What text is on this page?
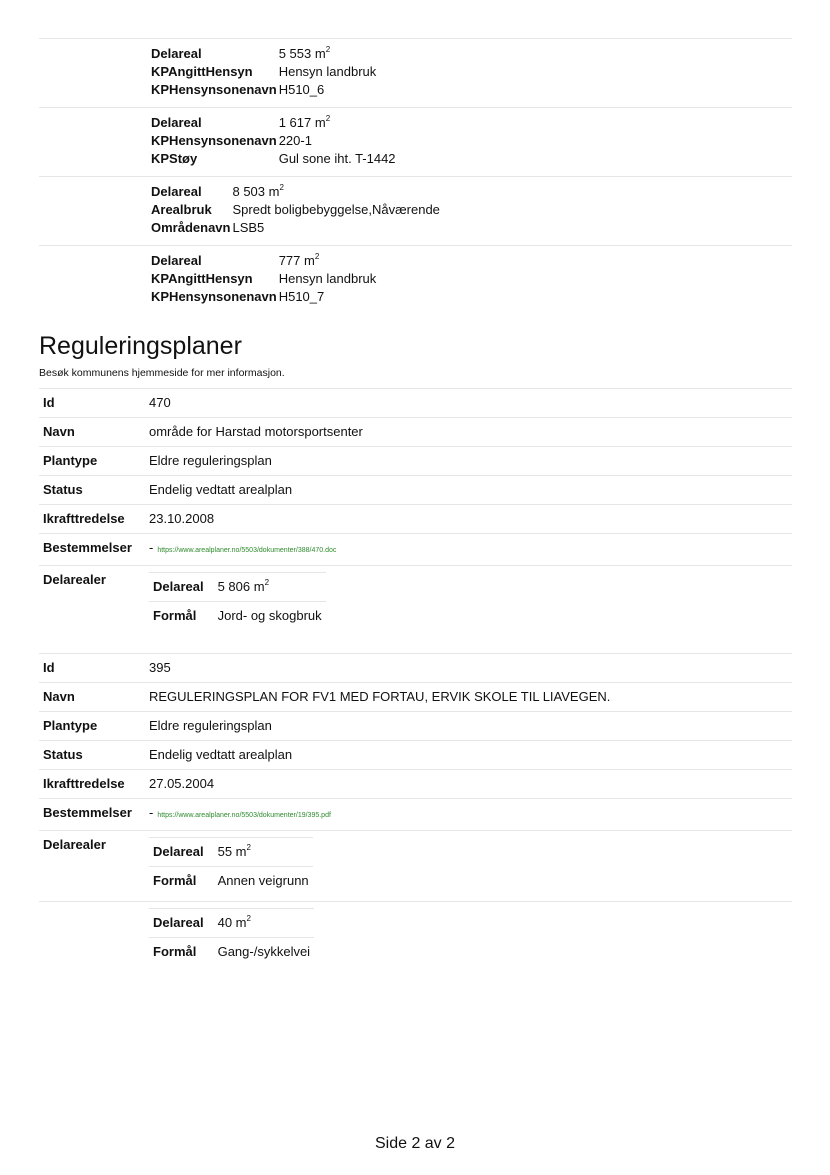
Delareal	5 553 $m^2$
KPAngittHensyn	Hensyn landbruk
KPHensynsonenavn	H510_6
Delareal	1 617 $m^2$
KPHensynsonenavn	220-1
KPStøy	Gul sone iht. T-1442
Delareal	8 503 $m^2$
Arealbruk	Spredt boligbebyggelse,Nåværende
Områdenavn	LSB5
Delareal	777 $m^2$
KPAngittHensyn	Hensyn landbruk
KPHensynsonenavn	H510_7
Reguleringsplaner
Besøk kommunens hjemmeside for mer informasjon.
Id	470
Navn	område for Harstad motorsportsenter
Plantype	Eldre reguleringsplan
Status	Endelig vedtatt arealplan
Ikrafttredelse	23.10.2008
Bestemmelser	- https://www.arealplaner.no/5503/dokumenter/388/470.doc
Delarealer		Delareal	5 806 $m^2$
Formål	Jord- og skogbruk

Id	395
Navn	REGULERINGSPLAN FOR FV1 MED FORTAU, ERVIK SKOLE TIL LIAVEGEN.
Plantype	Eldre reguleringsplan
Status	Endelig vedtatt arealplan
Ikrafttredelse	27.05.2004
Bestemmelser	- https://www.arealplaner.no/5503/dokumenter/19/395.pdf
Delarealer		Delareal	55 $m^2$
Formål	Annen veigrunn

Delareal	40 $m^2$
Formål	Gang-/sykkelvei
Side 2 av 2
